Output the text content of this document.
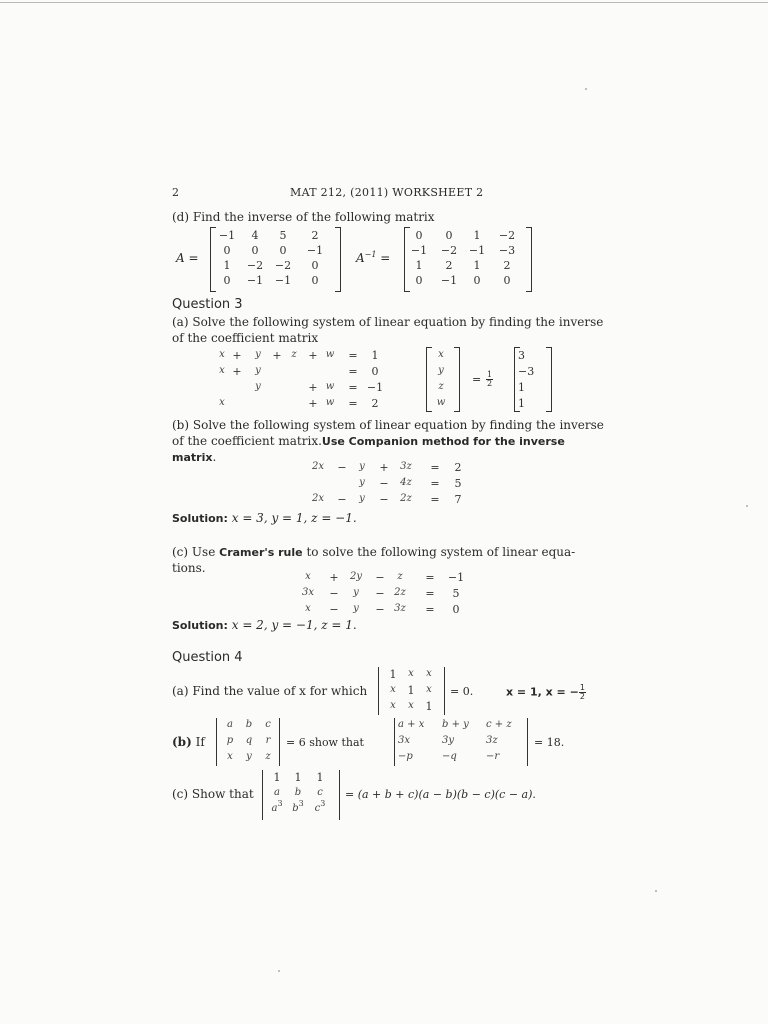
2	MAT 212, (2011) WORKSHEET 2
(d) Find the inverse of the following matrix
A =
−1	4	5	2
0	0	0	−1
1	−2	−2	0
0	−1	−1	0
$A^{-1}$ =
0	0	1	−2
−1	−2	−1	−3
1	2	1	2
0	−1	0	0
Question 3
(a) Solve the following system of linear equation by finding the inverse
of the coefficient matrix
x +	y	+ z	+ w	=	1
x +	y	=	0
y	+ w	= −1
x	+ w	=	2
x
y
z
w
= $\frac{1}{2}$
3
−3
1
1
(b) Solve the following system of linear equation by finding the inverse
of the coefficient matrix.Use Companion method for the inverse
matrix.
2x	−	y	+	3z	=	2
y	−	4z	=	5
2x	−	y	−	2z	=	7
Solution: x = 3, y = 1, z = −1.
(c) Use Cramer's rule to solve the following system of linear equa-
tions.
x	+	2y	−	z	=	−1
3x	−	y	− 2z	=	5
x	−	y	− 3z	=	0
Solution: x = 2, y = −1, z = 1.
Question 4
(a) Find the value of x for which
1	x	x
x	1	x
x	x	1
= 0.	x = 1, x = − $\frac{1}{2}$
(b) If
a	b	c
p	q	r
x	y	z
= 6 show that
a + x	b + y	c + z
3x	3y	3z
−p	−q	−r
= 18.
(c) Show that
1	1	1
a	b	c
$a^3$ $b^3$	$c^3$
= (a + b + c)(a − b)(b − c)(c − a).
